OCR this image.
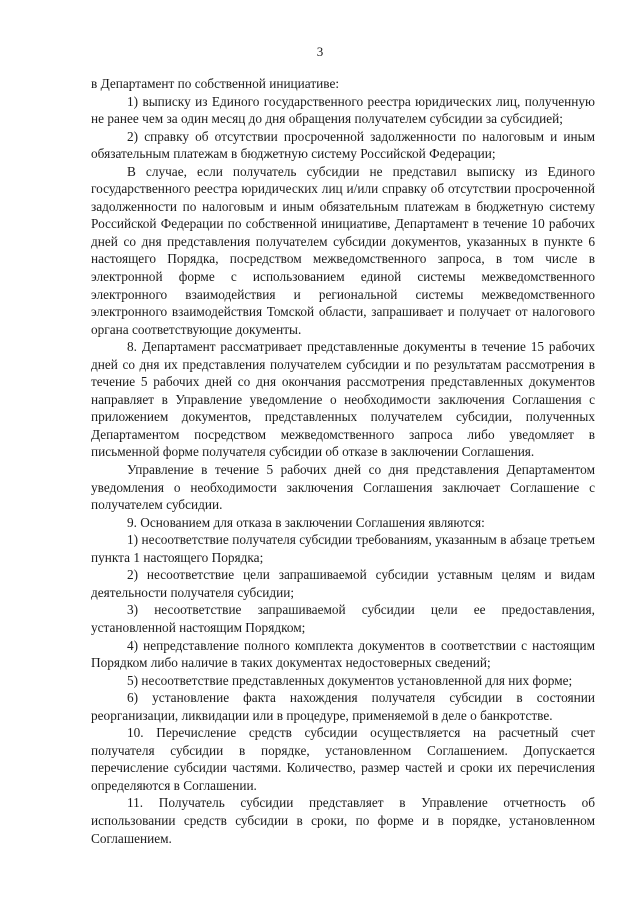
3

в Департамент по собственной инициативе:

1) выписку из Единого государственного реестра юридических лиц, полученную не ранее чем за один месяц до дня обращения получателем субсидии за субсидией;

2) справку об отсутствии просроченной задолженности по налоговым и иным обязательным платежам в бюджетную систему Российской Федерации;

В случае, если получатель субсидии не представил выписку из Единого государственного реестра юридических лиц и/или справку об отсутствии просроченной задолженности по налоговым и иным обязательным платежам в бюджетную систему Российской Федерации по собственной инициативе, Департамент в течение 10 рабочих дней со дня представления получателем субсидии документов, указанных в пункте 6 настоящего Порядка, посредством межведомственного запроса, в том числе в электронной форме с использованием единой системы межведомственного электронного взаимодействия и региональной системы межведомственного электронного взаимодействия Томской области, запрашивает и получает от налогового органа соответствующие документы.

8. Департамент рассматривает представленные документы в течение 15 рабочих дней со дня их представления получателем субсидии и по результатам рассмотрения в течение 5 рабочих дней со дня окончания рассмотрения представленных документов направляет в Управление уведомление о необходимости заключения Соглашения с приложением документов, представленных получателем субсидии, полученных Департаментом посредством межведомственного запроса либо уведомляет в письменной форме получателя субсидии об отказе в заключении Соглашения.

Управление в течение 5 рабочих дней со дня представления Департаментом уведомления о необходимости заключения Соглашения заключает Соглашение с получателем субсидии.

9. Основанием для отказа в заключении Соглашения являются:

1) несоответствие получателя субсидии требованиям, указанным в абзаце третьем пункта 1 настоящего Порядка;

2) несоответствие цели запрашиваемой субсидии уставным целям и видам деятельности получателя субсидии;

3) несоответствие запрашиваемой субсидии цели ее предоставления, установленной настоящим Порядком;

4) непредставление полного комплекта документов в соответствии с настоящим Порядком либо наличие в таких документах недостоверных сведений;

5) несоответствие представленных документов установленной для них форме;

6) установление факта нахождения получателя субсидии в состоянии реорганизации, ликвидации или в процедуре, применяемой в деле о банкротстве.

10. Перечисление средств субсидии осуществляется на расчетный счет получателя субсидии в порядке, установленном Соглашением. Допускается перечисление субсидии частями. Количество, размер частей и сроки их перечисления определяются в Соглашении.

11. Получатель субсидии представляет в Управление отчетность об использовании средств субсидии в сроки, по форме и в порядке, установленном Соглашением.
